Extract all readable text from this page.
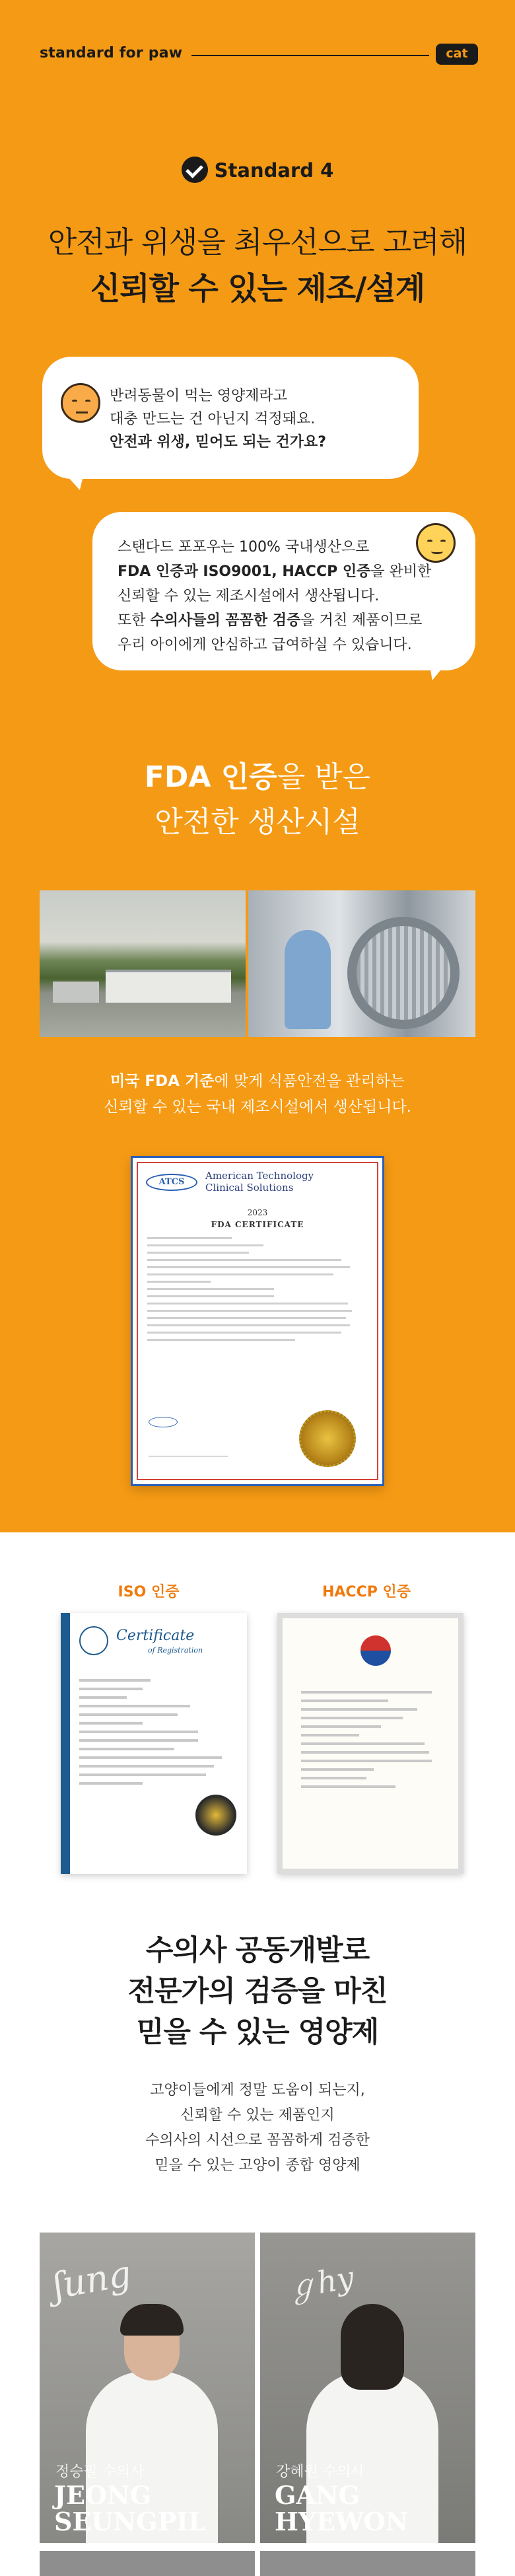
standard for paw	cat
Standard 4
안전과 위생을 최우선으로 고려해
신뢰할 수 있는 제조/설계
반려동물이 먹는 영양제라고
대충 만드는 건 아닌지 걱정돼요.
안전과 위생, 믿어도 되는 건가요?
스탠다드 포포우는 100% 국내생산으로
FDA 인증과 ISO9001, HACCP 인증을 완비한
신뢰할 수 있는 제조시설에서 생산됩니다.
또한 수의사들의 꼼꼼한 검증을 거친 제품이므로
우리 아이에게 안심하고 급여하실 수 있습니다.
FDA 인증을 받은
안전한 생산시설
미국 FDA 기준에 맞게 식품안전을 관리하는
신뢰할 수 있는 국내 제조시설에서 생산됩니다.
ATCS
American Technology
Clinical Solutions
2023
FDA CERTIFICATE
ISO 인증	HACCP 인증
Certificate
of Registration
수의사 공동개발로
전문가의 검증을 마친
믿을 수 있는 영양제
고양이들에게 정말 도움이 되는지,
신뢰할 수 있는 제품인지
수의사의 시선으로 꼼꼼하게 검증한
믿을 수 있는 고양이 종합 영양제
ʃung
정승필 수의사
JEONG
SEUNGPIL
ℊhy
강혜원 수의사
GANG
HYEWON
